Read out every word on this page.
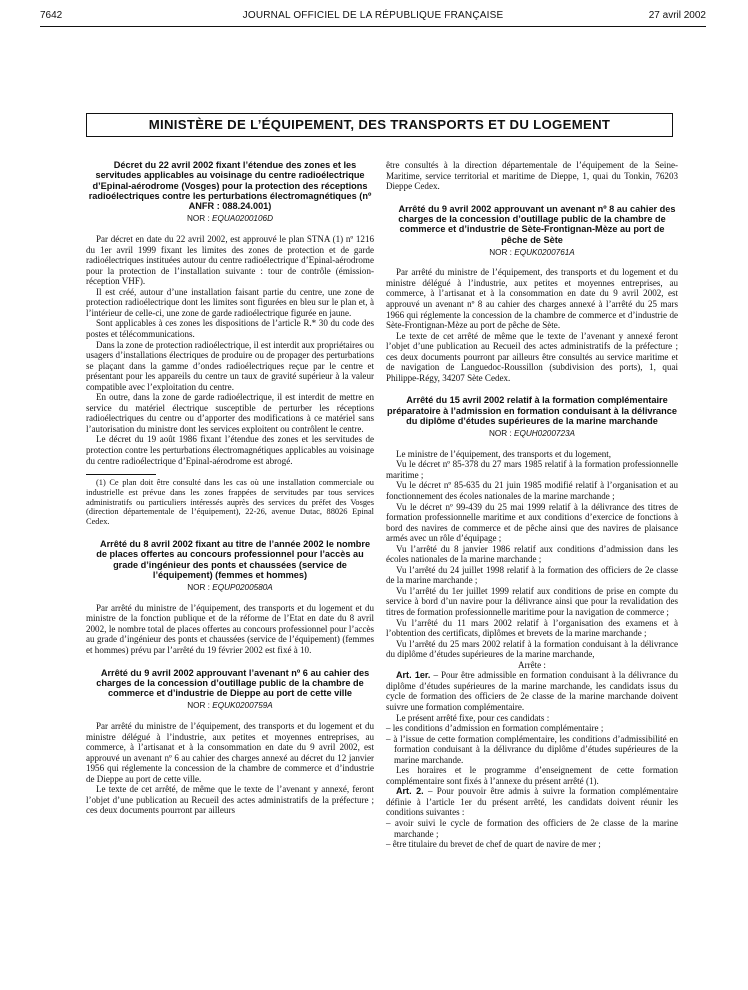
7642	JOURNAL OFFICIEL DE LA RÉPUBLIQUE FRANÇAISE	27 avril 2002
MINISTÈRE DE L’ÉQUIPEMENT, DES TRANSPORTS ET DU LOGEMENT

Décret du 22 avril 2002 fixant l’étendue des zones et les servitudes applicables au voisinage du centre radioélectrique d’Epinal-aérodrome (Vosges) pour la protection des réceptions radioélectriques contre les perturbations électromagnétiques (nº ANFR : 088.24.001)

NOR : EQUA0200106D

Par décret en date du 22 avril 2002, est approuvé le plan STNA (1) nº 1216 du 1er avril 1999 fixant les limites des zones de protection et de garde radioélectriques instituées autour du centre radioélectrique d’Epinal-aérodrome pour la protection de l’installation suivante : tour de contrôle (émission-réception VHF).

Il est créé, autour d’une installation faisant partie du centre, une zone de protection radioélectrique dont les limites sont figurées en bleu sur le plan et, à l’intérieur de celle-ci, une zone de garde radioélectrique figurée en jaune.

Sont applicables à ces zones les dispositions de l’article R.* 30 du code des postes et télécommunications.

Dans la zone de protection radioélectrique, il est interdit aux propriétaires ou usagers d’installations électriques de produire ou de propager des perturbations se plaçant dans la gamme d’ondes radioélectriques reçue par le centre et présentant pour les appareils du centre un taux de gravité supérieur à la valeur compatible avec l’exploitation du centre.

En outre, dans la zone de garde radioélectrique, il est interdit de mettre en service du matériel électrique susceptible de perturber les réceptions radioélectriques du centre ou d’apporter des modifications à ce matériel sans l’autorisation du ministre dont les services exploitent ou contrôlent le centre.

Le décret du 19 août 1986 fixant l’étendue des zones et les servitudes de protection contre les perturbations électromagnétiques applicables au voisinage du centre radioélectrique d’Epinal-aérodrome est abrogé.

(1) Ce plan doit être consulté dans les cas où une installation commerciale ou industrielle est prévue dans les zones frappées de servitudes par tous services administratifs ou particuliers intéressés auprès des services du préfet des Vosges (direction départementale de l’équipement), 22-26, avenue Dutac, 88026 Epinal Cedex.

Arrêté du 8 avril 2002 fixant au titre de l’année 2002 le nombre de places offertes au concours professionnel pour l’accès au grade d’ingénieur des ponts et chaussées (service de l’équipement) (femmes et hommes)

NOR : EQUP0200580A

Par arrêté du ministre de l’équipement, des transports et du logement et du ministre de la fonction publique et de la réforme de l’Etat en date du 8 avril 2002, le nombre total de places offertes au concours professionnel pour l’accès au grade d’ingénieur des ponts et chaussées (service de l’équipement) (femmes et hommes) prévu par l’arrêté du 19 février 2002 est fixé à 10.

Arrêté du 9 avril 2002 approuvant l’avenant nº 6 au cahier des charges de la concession d’outillage public de la chambre de commerce et d’industrie de Dieppe au port de cette ville

NOR : EQUK0200759A

Par arrêté du ministre de l’équipement, des transports et du logement et du ministre délégué à l’industrie, aux petites et moyennes entreprises, au commerce, à l’artisanat et à la consommation en date du 9 avril 2002, est approuvé un avenant nº 6 au cahier des charges annexé au décret du 12 janvier 1956 qui réglemente la concession de la chambre de commerce et d’industrie de Dieppe au port de cette ville.

Le texte de cet arrêté, de même que le texte de l’avenant y annexé, feront l’objet d’une publication au Recueil des actes administratifs de la préfecture ; ces deux documents pourront par ailleurs

être consultés à la direction départementale de l’équipement de la Seine-Maritime, service territorial et maritime de Dieppe, 1, quai du Tonkin, 76203 Dieppe Cedex.

Arrêté du 9 avril 2002 approuvant un avenant nº 8 au cahier des charges de la concession d’outillage public de la chambre de commerce et d’industrie de Sète-Frontignan-Mèze au port de pêche de Sète

NOR : EQUK0200761A

Par arrêté du ministre de l’équipement, des transports et du logement et du ministre délégué à l’industrie, aux petites et moyennes entreprises, au commerce, à l’artisanat et à la consommation en date du 9 avril 2002, est approuvé un avenant nº 8 au cahier des charges annexé à l’arrêté du 25 mars 1966 qui réglemente la concession de la chambre de commerce et d’industrie de Sète-Frontignan-Mèze au port de pêche de Sète.

Le texte de cet arrêté de même que le texte de l’avenant y annexé feront l’objet d’une publication au Recueil des actes administratifs de la préfecture ; ces deux documents pourront par ailleurs être consultés au service maritime et de navigation de Languedoc-Roussillon (subdivision des ports), 1, quai Philippe-Régy, 34207 Sète Cedex.

Arrêté du 15 avril 2002 relatif à la formation complémentaire préparatoire à l’admission en formation conduisant à la délivrance du diplôme d’études supérieures de la marine marchande

NOR : EQUH0200723A

Le ministre de l’équipement, des transports et du logement,

Vu le décret nº 85-378 du 27 mars 1985 relatif à la formation professionnelle maritime ;

Vu le décret nº 85-635 du 21 juin 1985 modifié relatif à l’organisation et au fonctionnement des écoles nationales de la marine marchande ;

Vu le décret nº 99-439 du 25 mai 1999 relatif à la délivrance des titres de formation professionnelle maritime et aux conditions d’exercice de fonctions à bord des navires de commerce et de pêche ainsi que des navires de plaisance armés avec un rôle d’équipage ;

Vu l’arrêté du 8 janvier 1986 relatif aux conditions d’admission dans les écoles nationales de la marine marchande ;

Vu l’arrêté du 24 juillet 1998 relatif à la formation des officiers de 2e classe de la marine marchande ;

Vu l’arrêté du 1er juillet 1999 relatif aux conditions de prise en compte du service à bord d’un navire pour la délivrance ainsi que pour la revalidation des titres de formation professionnelle maritime pour la navigation de commerce ;

Vu l’arrêté du 11 mars 2002 relatif à l’organisation des examens et à l’obtention des certificats, diplômes et brevets de la marine marchande ;

Vu l’arrêté du 25 mars 2002 relatif à la formation conduisant à la délivrance du diplôme d’études supérieures de la marine marchande,

Arrête :

Art. 1er. – Pour être admissible en formation conduisant à la délivrance du diplôme d’études supérieures de la marine marchande, les candidats issus du cycle de formation des officiers de 2e classe de la marine marchande doivent suivre une formation complémentaire.

Le présent arrêté fixe, pour ces candidats :

– les conditions d’admission en formation complémentaire ;

– à l’issue de cette formation complémentaire, les conditions d’admissibilité en formation conduisant à la délivrance du diplôme d’études supérieures de la marine marchande.

Les horaires et le programme d’enseignement de cette formation complémentaire sont fixés à l’annexe du présent arrêté (1).

Art. 2. – Pour pouvoir être admis à suivre la formation complémentaire définie à l’article 1er du présent arrêté, les candidats doivent réunir les conditions suivantes :

– avoir suivi le cycle de formation des officiers de 2e classe de la marine marchande ;

– être titulaire du brevet de chef de quart de navire de mer ;
